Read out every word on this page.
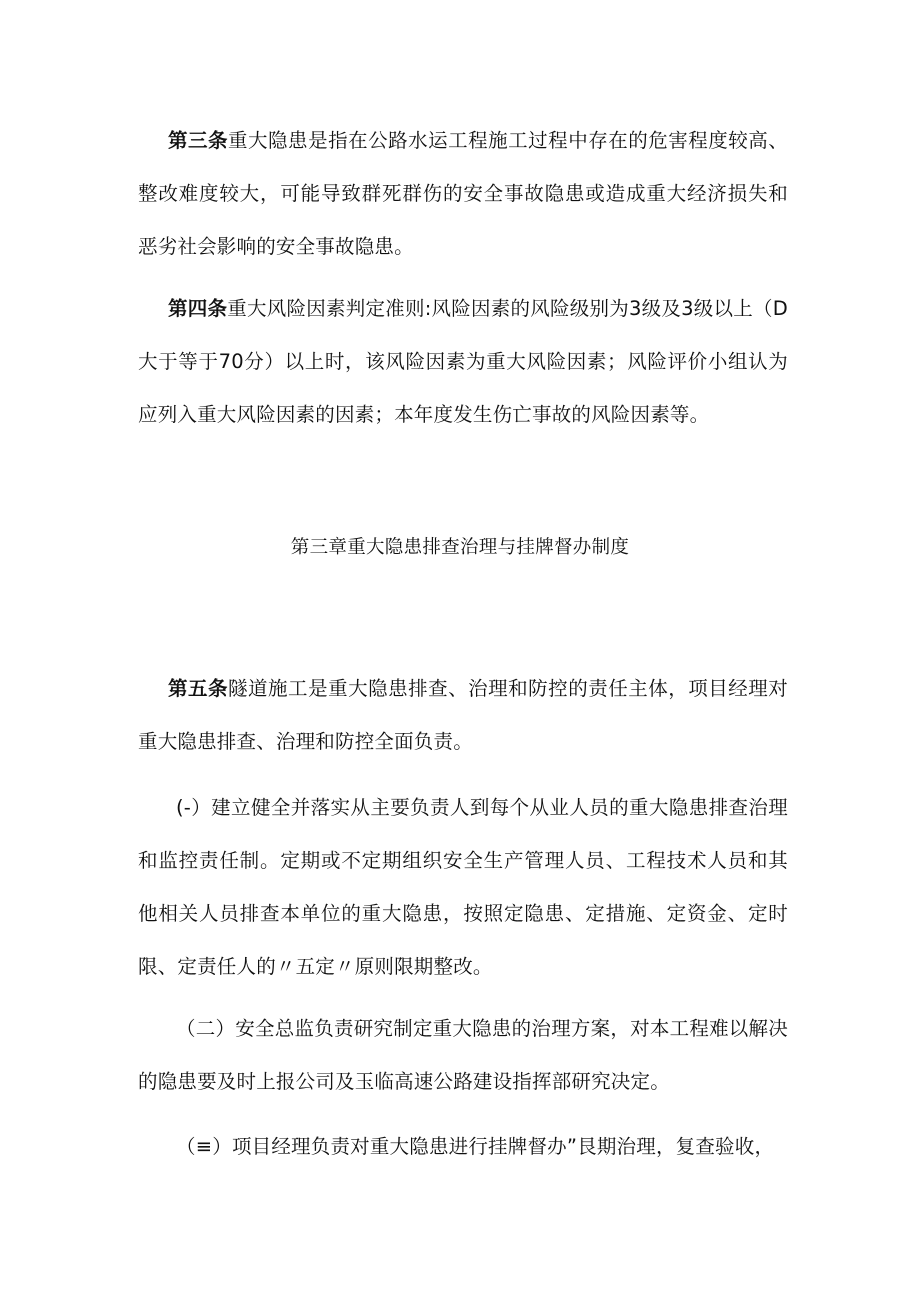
第三条重大隐患是指在公路水运工程施工过程中存在的危害程度较高、整改难度较大，可能导致群死群伤的安全事故隐患或造成重大经济损失和恶劣社会影响的安全事故隐患。

第四条重大风险因素判定准则:风险因素的风险级别为3级及3级以上（D大于等于70分）以上时，该风险因素为重大风险因素；风险评价小组认为应列入重大风险因素的因素；本年度发生伤亡事故的风险因素等。

第三章重大隐患排查治理与挂牌督办制度

第五条隧道施工是重大隐患排查、治理和防控的责任主体，项目经理对重大隐患排查、治理和防控全面负责。

(-）建立健全并落实从主要负责人到每个从业人员的重大隐患排查治理和监控责任制。定期或不定期组织安全生产管理人员、工程技术人员和其他相关人员排查本单位的重大隐患，按照定隐患、定措施、定资金、定时限、定责任人的〃五定〃原则限期整改。

（二）安全总监负责研究制定重大隐患的治理方案，对本工程难以解决的隐患要及时上报公司及玉临高速公路建设指挥部研究决定。

（≡）项目经理负责对重大隐患进行挂牌督办”艮期治理，复查验收，
